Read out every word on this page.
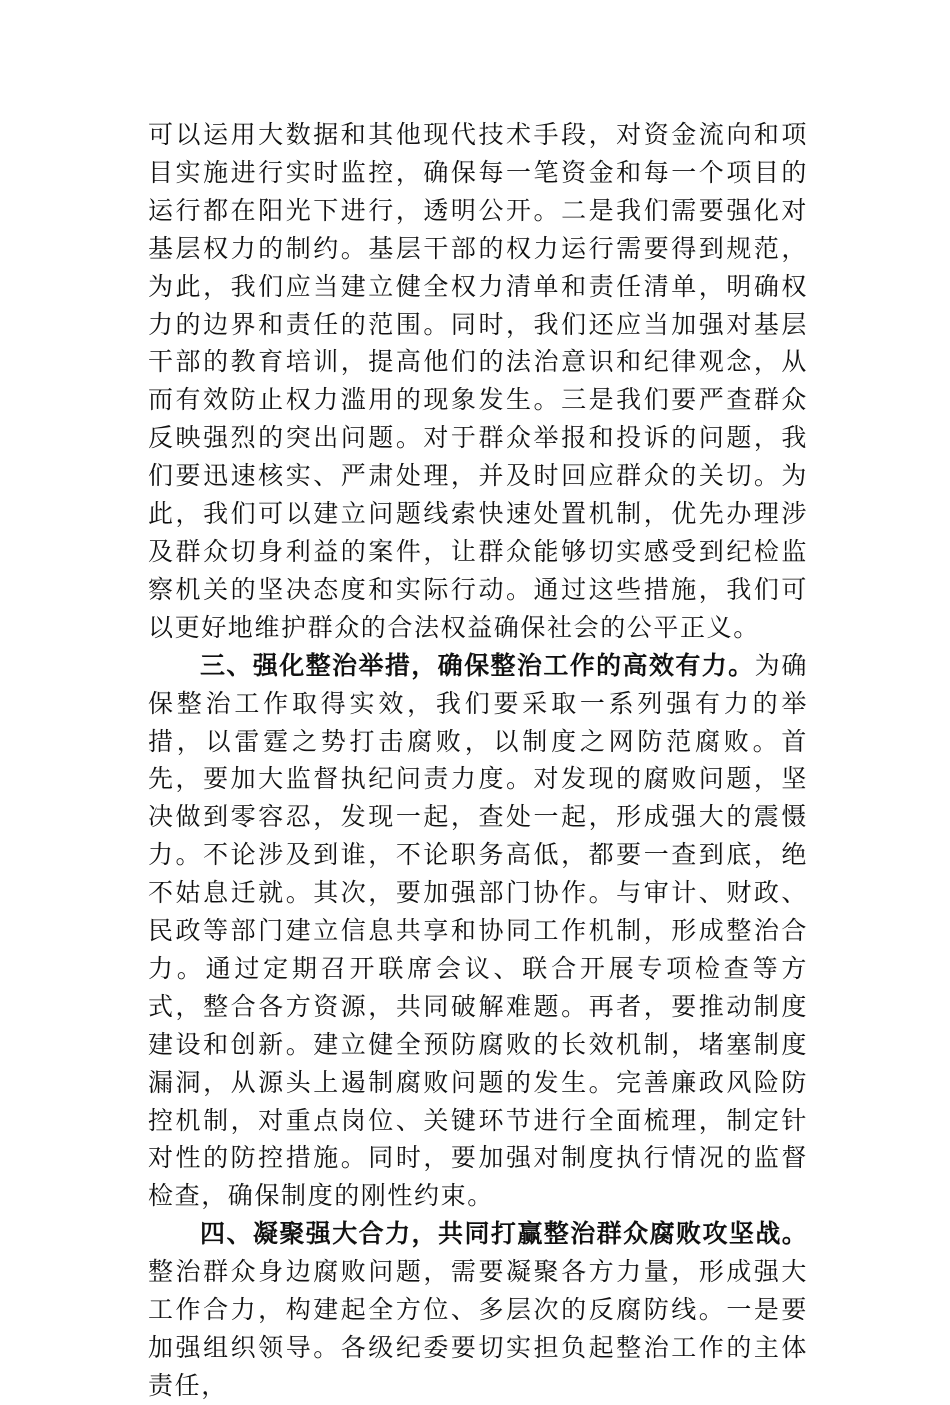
可以运用大数据和其他现代技术手段，对资金流向和项目实施进行实时监控，确保每一笔资金和每一个项目的运行都在阳光下进行，透明公开。二是我们需要强化对基层权力的制约。基层干部的权力运行需要得到规范，为此，我们应当建立健全权力清单和责任清单，明确权力的边界和责任的范围。同时，我们还应当加强对基层干部的教育培训，提高他们的法治意识和纪律观念，从而有效防止权力滥用的现象发生。三是我们要严查群众反映强烈的突出问题。对于群众举报和投诉的问题，我们要迅速核实、严肃处理，并及时回应群众的关切。为此，我们可以建立问题线索快速处置机制，优先办理涉及群众切身利益的案件，让群众能够切实感受到纪检监察机关的坚决态度和实际行动。通过这些措施，我们可以更好地维护群众的合法权益确保社会的公平正义。

三、强化整治举措，确保整治工作的高效有力。为确保整治工作取得实效，我们要采取一系列强有力的举措，以雷霆之势打击腐败，以制度之网防范腐败。首先，要加大监督执纪问责力度。对发现的腐败问题，坚决做到零容忍，发现一起，查处一起，形成强大的震慑力。不论涉及到谁，不论职务高低，都要一查到底，绝不姑息迁就。其次，要加强部门协作。与审计、财政、民政等部门建立信息共享和协同工作机制，形成整治合力。通过定期召开联席会议、联合开展专项检查等方式，整合各方资源，共同破解难题。再者，要推动制度建设和创新。建立健全预防腐败的长效机制，堵塞制度漏洞，从源头上遏制腐败问题的发生。完善廉政风险防控机制，对重点岗位、关键环节进行全面梳理，制定针对性的防控措施。同时，要加强对制度执行情况的监督检查，确保制度的刚性约束。

四、凝聚强大合力，共同打赢整治群众腐败攻坚战。整治群众身边腐败问题，需要凝聚各方力量，形成强大工作合力，构建起全方位、多层次的反腐防线。一是要加强组织领导。各级纪委要切实担负起整治工作的主体责任，
